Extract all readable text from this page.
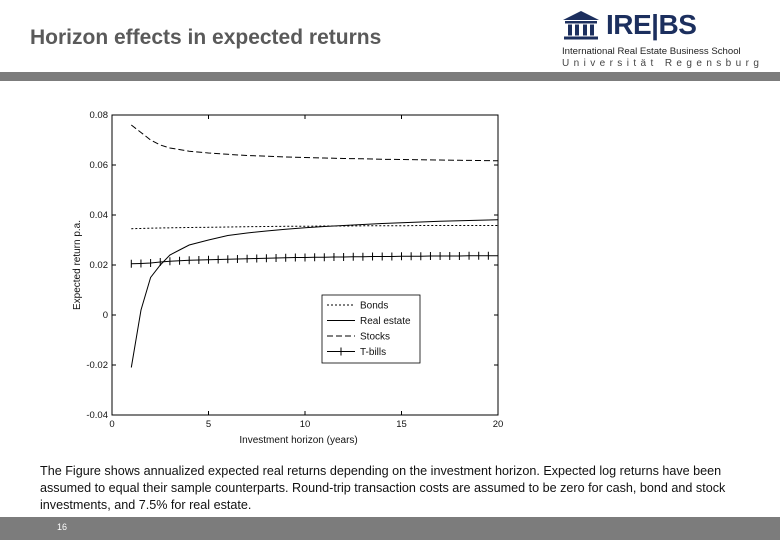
Horizon effects in expected returns	IRE|BS
International Real Estate Business School
Universität Regensburg
0	5	10	15	20
-0.04
-0.02
0
0.02
0.04
0.06
0.08
Investment horizon (years)
Expected return p.a.	Bonds
Real estate
Stocks
T-bills
The Figure shows annualized expected real returns depending on the investment horizon. Expected log returns have been assumed to equal their sample counterparts. Round-trip transaction costs are assumed to be zero for cash, bond and stock investments, and 7.5% for real estate.
16
